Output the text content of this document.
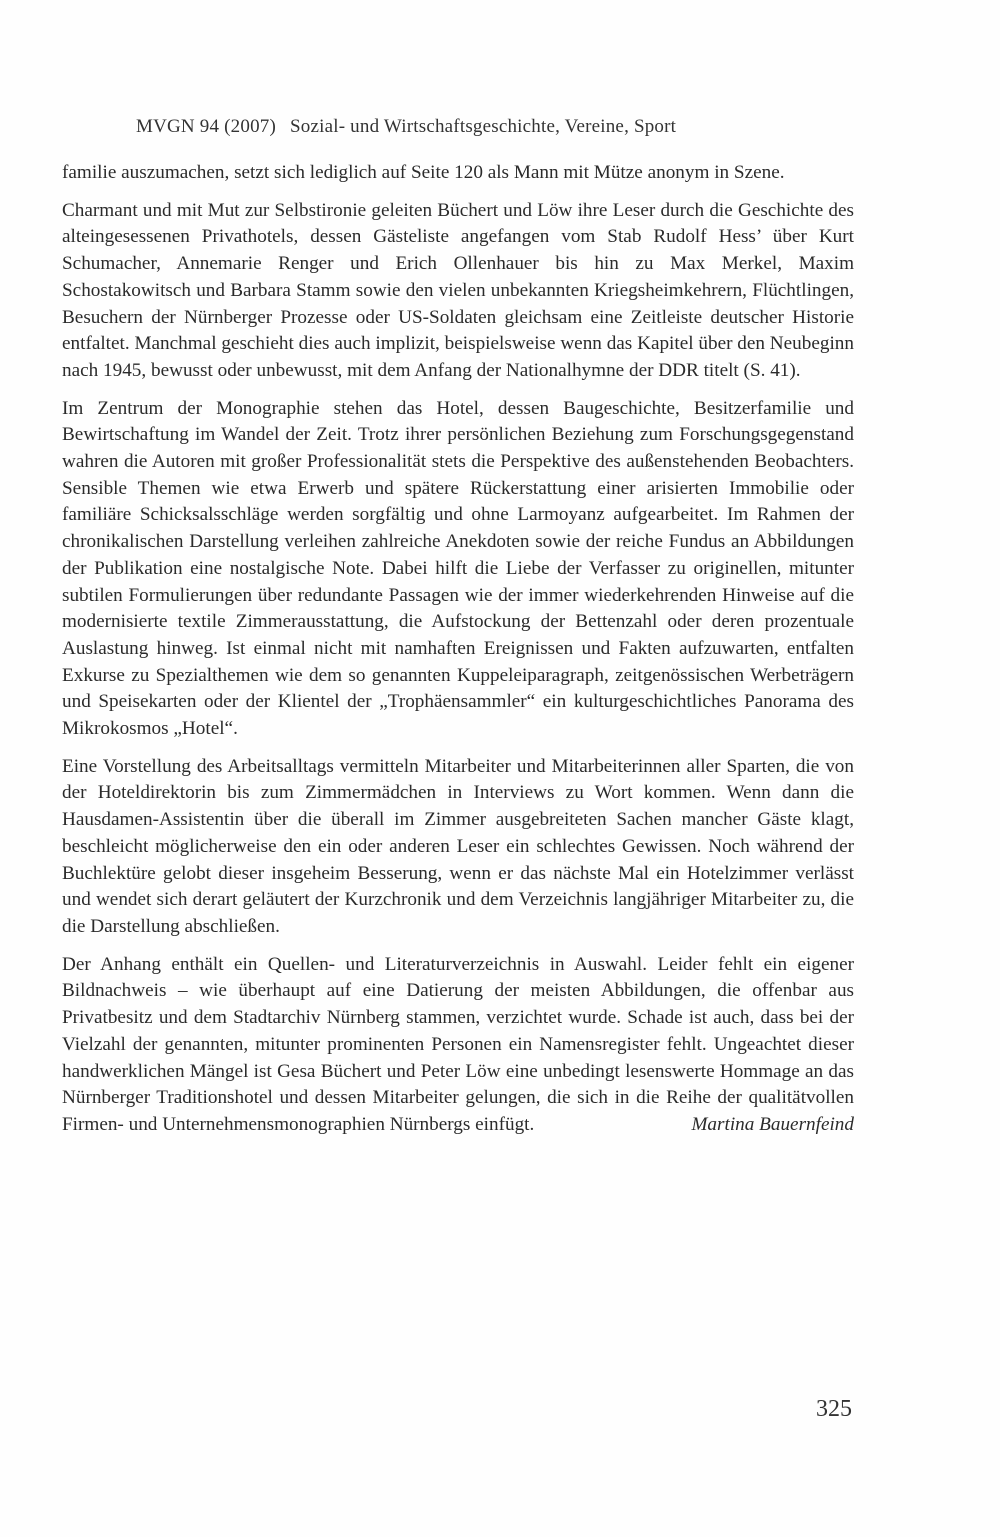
MVGN 94 (2007) Sozial- und Wirtschaftsgeschichte, Vereine, Sport

familie auszumachen, setzt sich lediglich auf Seite 120 als Mann mit Mütze anonym in Szene.

Charmant und mit Mut zur Selbstironie geleiten Büchert und Löw ihre Leser durch die Geschichte des alteingesessenen Privathotels, dessen Gästeliste angefangen vom Stab Rudolf Hess’ über Kurt Schumacher, Annemarie Renger und Erich Ollenhauer bis hin zu Max Merkel, Maxim Schostakowitsch und Barbara Stamm sowie den vielen unbekannten Kriegsheimkehrern, Flüchtlingen, Besuchern der Nürnberger Prozesse oder US-Soldaten gleichsam eine Zeitleiste deutscher Historie entfaltet. Manchmal geschieht dies auch implizit, beispielsweise wenn das Kapitel über den Neubeginn nach 1945, bewusst oder unbewusst, mit dem Anfang der Nationalhymne der DDR titelt (S. 41).

Im Zentrum der Monographie stehen das Hotel, dessen Baugeschichte, Besitzerfamilie und Bewirtschaftung im Wandel der Zeit. Trotz ihrer persönlichen Beziehung zum Forschungsgegenstand wahren die Autoren mit großer Professionalität stets die Perspektive des außenstehenden Beobachters. Sensible Themen wie etwa Erwerb und spätere Rückerstattung einer arisierten Immobilie oder familiäre Schicksalsschläge werden sorgfältig und ohne Larmoyanz aufgearbeitet. Im Rahmen der chronikalischen Darstellung verleihen zahlreiche Anekdoten sowie der reiche Fundus an Abbildungen der Publikation eine nostalgische Note. Dabei hilft die Liebe der Verfasser zu originellen, mitunter subtilen Formulierungen über redundante Passagen wie der immer wiederkehrenden Hinweise auf die modernisierte textile Zimmerausstattung, die Aufstockung der Bettenzahl oder deren prozentuale Auslastung hinweg. Ist einmal nicht mit namhaften Ereignissen und Fakten aufzuwarten, entfalten Exkurse zu Spezialthemen wie dem so genannten Kuppeleiparagraph, zeitgenössischen Werbeträgern und Speisekarten oder der Klientel der „Trophäensammler“ ein kulturgeschichtliches Panorama des Mikrokosmos „Hotel“.

Eine Vorstellung des Arbeitsalltags vermitteln Mitarbeiter und Mitarbeiterinnen aller Sparten, die von der Hoteldirektorin bis zum Zimmermädchen in Interviews zu Wort kommen. Wenn dann die Hausdamen-Assistentin über die überall im Zimmer ausgebreiteten Sachen mancher Gäste klagt, beschleicht möglicherweise den ein oder anderen Leser ein schlechtes Gewissen. Noch während der Buchlektüre gelobt dieser insgeheim Besserung, wenn er das nächste Mal ein Hotelzimmer verlässt und wendet sich derart geläutert der Kurzchronik und dem Verzeichnis langjähriger Mitarbeiter zu, die die Darstellung abschließen.

Der Anhang enthält ein Quellen- und Literaturverzeichnis in Auswahl. Leider fehlt ein eigener Bildnachweis – wie überhaupt auf eine Datierung der meisten Abbildungen, die offenbar aus Privatbesitz und dem Stadtarchiv Nürnberg stammen, verzichtet wurde. Schade ist auch, dass bei der Vielzahl der genannten, mitunter prominenten Personen ein Namensregister fehlt. Ungeachtet dieser handwerklichen Mängel ist Gesa Büchert und Peter Löw eine unbedingt lesenswerte Hommage an das Nürnberger Traditionshotel und dessen Mitarbeiter gelungen, die sich in die Reihe der qualitätvollen Firmen- und Unternehmensmonographien Nürnbergs einfügt.	Martina Bauernfeind

325
